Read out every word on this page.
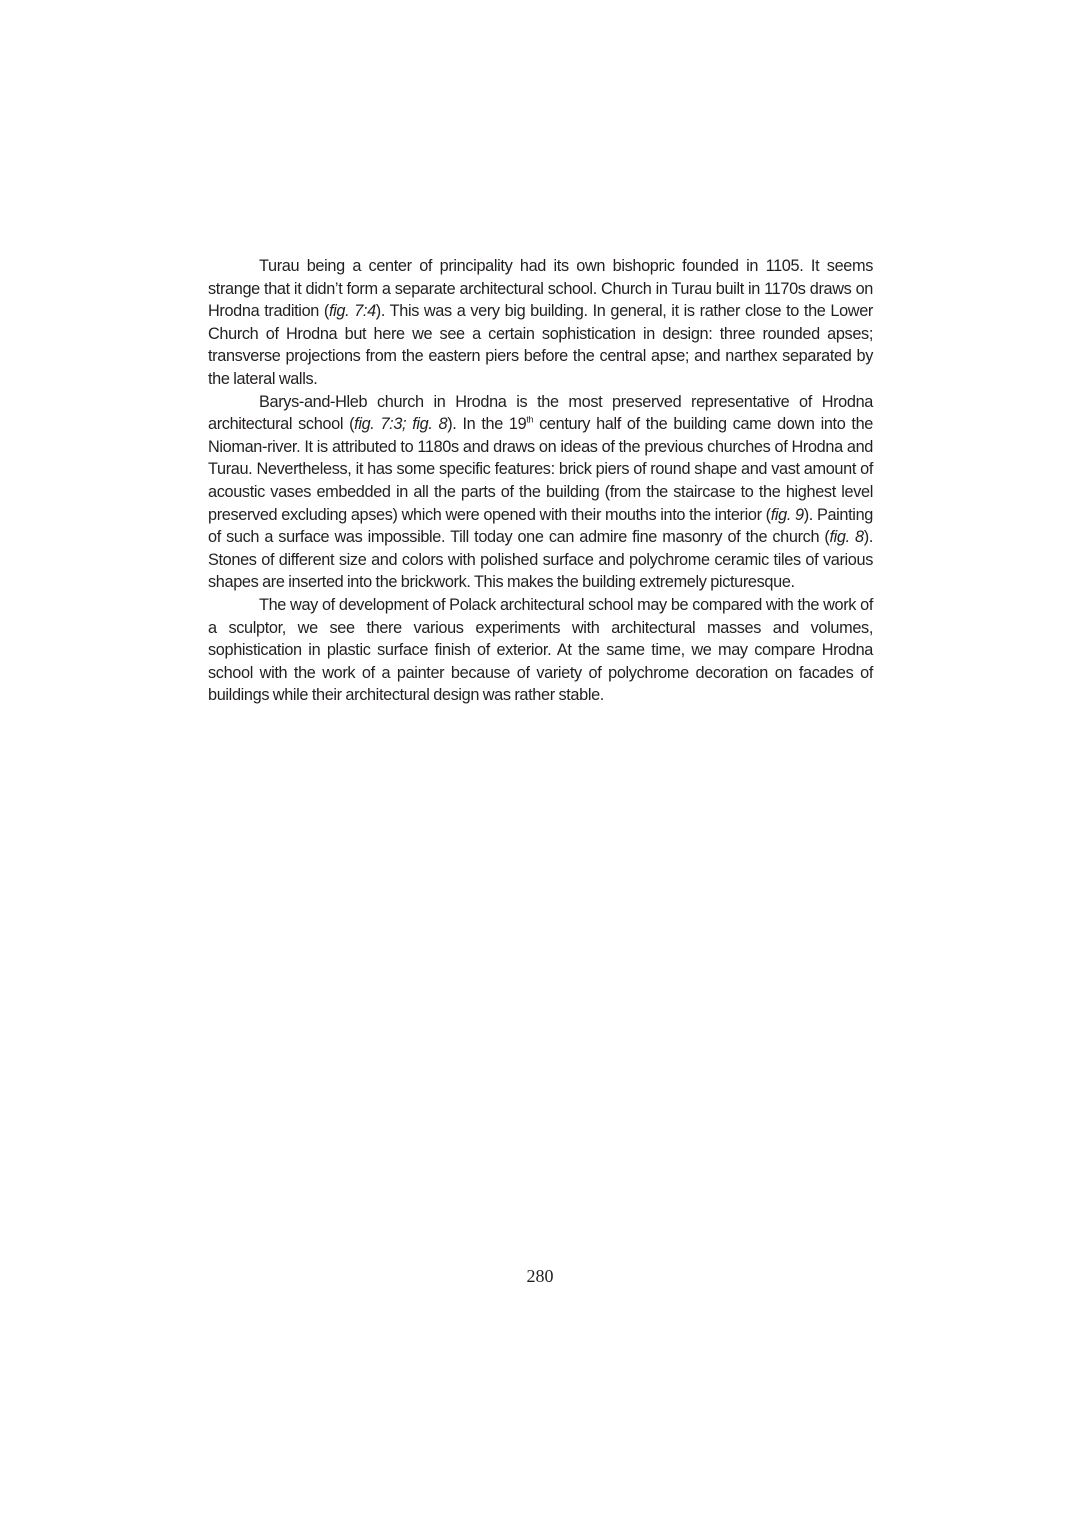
Turau being a center of principality had its own bishopric founded in 1105. It seems strange that it didn’t form a separate architectural school. Church in Turau built in 1170s draws on Hrodna tradition (fig. 7:4). This was a very big building. In general, it is rather close to the Lower Church of Hrodna but here we see a certain sophistication in design: three rounded apses; transverse projections from the eastern piers before the central apse; and narthex separated by the lateral walls.

Barys-and-Hleb church in Hrodna is the most preserved representative of Hrodna architectural school (fig. 7:3; fig. 8). In the 19th century half of the building came down into the Nioman-river. It is attributed to 1180s and draws on ideas of the previous churches of Hrodna and Turau. Nevertheless, it has some specific features: brick piers of round shape and vast amount of acoustic vases embedded in all the parts of the building (from the staircase to the highest level preserved excluding apses) which were opened with their mouths into the interior (fig. 9). Painting of such a surface was impossible. Till today one can admire fine masonry of the church (fig. 8). Stones of different size and colors with polished surface and polychrome ceramic tiles of various shapes are inserted into the brickwork. This makes the building extremely picturesque.

The way of development of Polack architectural school may be compared with the work of a sculptor, we see there various experiments with architectural masses and volumes, sophistication in plastic surface finish of exterior. At the same time, we may compare Hrodna school with the work of a painter because of variety of polychrome decoration on facades of buildings while their architectural design was rather stable.

280
